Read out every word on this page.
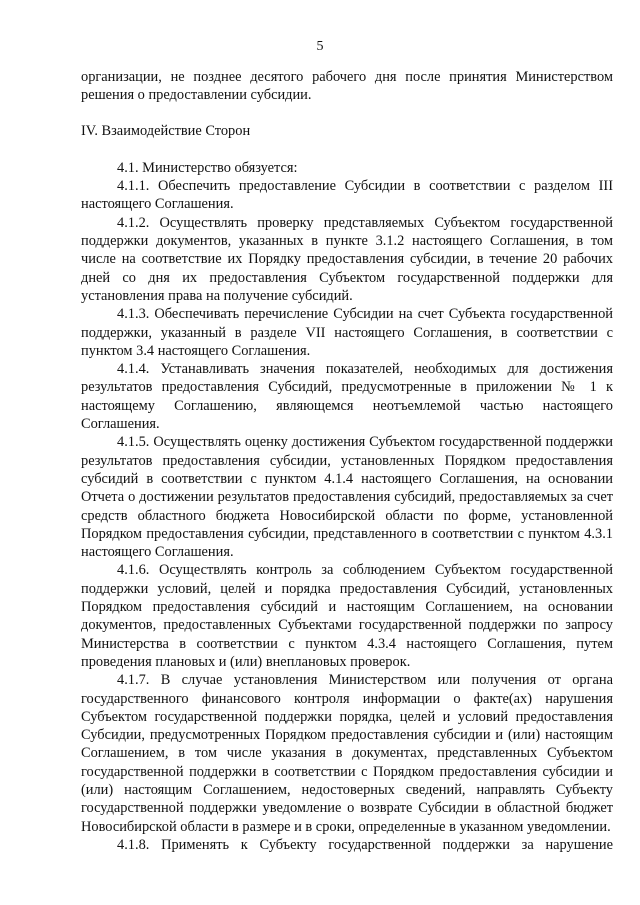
5

организации, не позднее десятого рабочего дня после принятия Министерством решения о предоставлении субсидии.

IV. Взаимодействие Сторон

4.1. Министерство обязуется:

4.1.1. Обеспечить предоставление Субсидии в соответствии с разделом III настоящего Соглашения.

4.1.2. Осуществлять проверку представляемых Субъектом государственной поддержки документов, указанных в пункте 3.1.2 настоящего Соглашения, в том числе на соответствие их Порядку предоставления субсидии, в течение 20 рабочих дней со дня их предоставления Субъектом государственной поддержки для установления права на получение субсидий.

4.1.3. Обеспечивать перечисление Субсидии на счет Субъекта государственной поддержки, указанный в разделе VII настоящего Соглашения, в соответствии с пунктом 3.4 настоящего Соглашения.

4.1.4. Устанавливать значения показателей, необходимых для достижения результатов предоставления Субсидий, предусмотренные в приложении № 1 к настоящему Соглашению, являющемся неотъемлемой частью настоящего Соглашения.

4.1.5. Осуществлять оценку достижения Субъектом государственной поддержки результатов предоставления субсидии, установленных Порядком предоставления субсидий в соответствии с пунктом 4.1.4 настоящего Соглашения, на основании Отчета о достижении результатов предоставления субсидий, предоставляемых за счет средств областного бюджета Новосибирской области по форме, установленной Порядком предоставления субсидии, представленного в соответствии с пунктом 4.3.1 настоящего Соглашения.

4.1.6. Осуществлять контроль за соблюдением Субъектом государственной поддержки условий, целей и порядка предоставления Субсидий, установленных Порядком предоставления субсидий и настоящим Соглашением, на основании документов, предоставленных Субъектами государственной поддержки по запросу Министерства в соответствии с пунктом 4.3.4 настоящего Соглашения, путем проведения плановых и (или) внеплановых проверок.

4.1.7. В случае установления Министерством или получения от органа государственного финансового контроля информации о факте(ах) нарушения Субъектом государственной поддержки порядка, целей и условий предоставления Субсидии, предусмотренных Порядком предоставления субсидии и (или) настоящим Соглашением, в том числе указания в документах, представленных Субъектом государственной поддержки в соответствии с Порядком предоставления субсидии и (или) настоящим Соглашением, недостоверных сведений, направлять Субъекту государственной поддержки уведомление о возврате Субсидии в областной бюджет Новосибирской области в размере и в сроки, определенные в указанном уведомлении.

4.1.8. Применять к Субъекту государственной поддержки за нарушение
